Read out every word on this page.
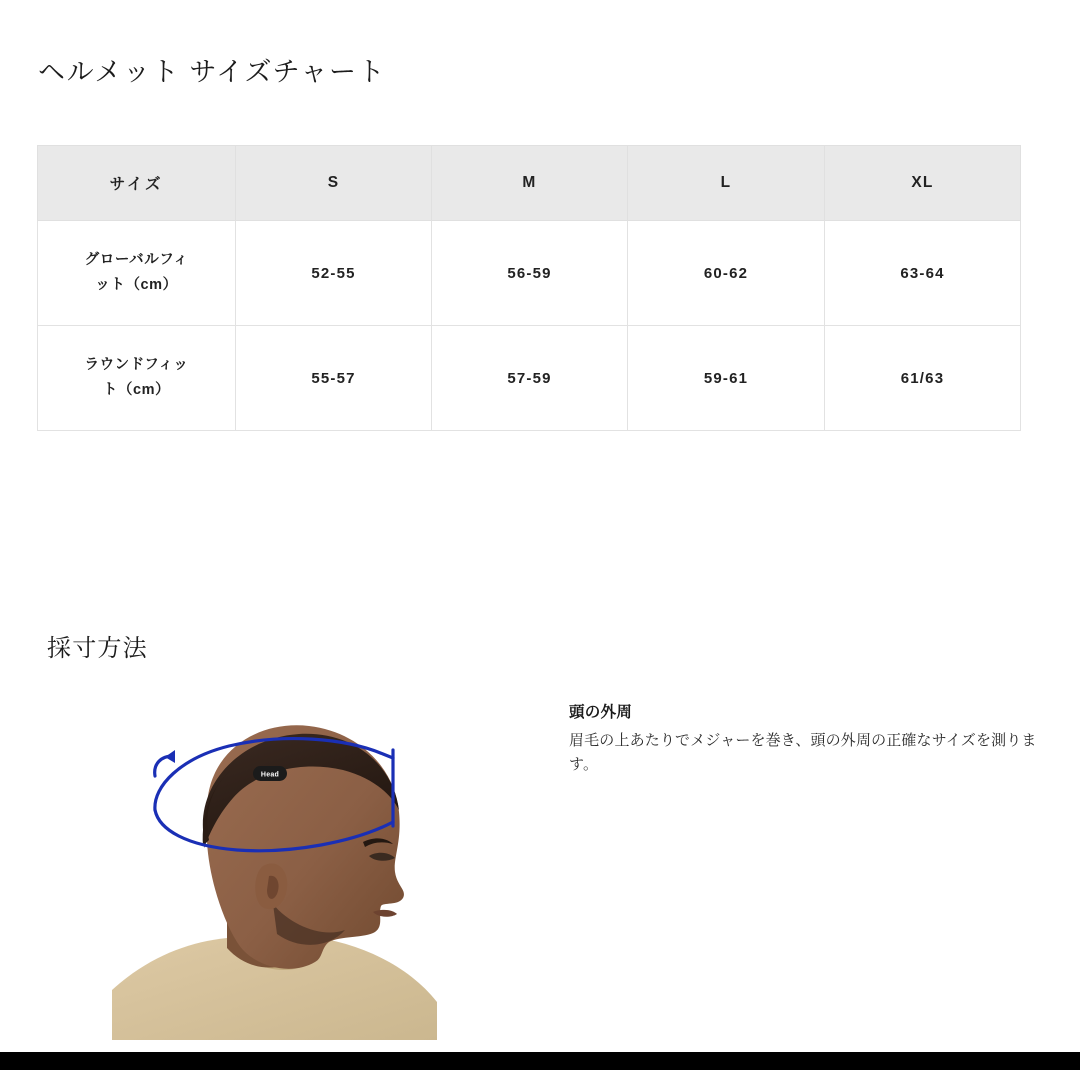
ヘルメット サイズチャート
サイズ	S	M	L	XL
グローバルフィ
ット（cm）	52-55	56-59	60-62	63-64
ラウンドフィッ
ト（cm）	55-57	57-59	59-61	61/63
採寸方法
Head
頭の外周
眉毛の上あたりでメジャーを巻き、頭の外周の正確なサイズを測ります。
